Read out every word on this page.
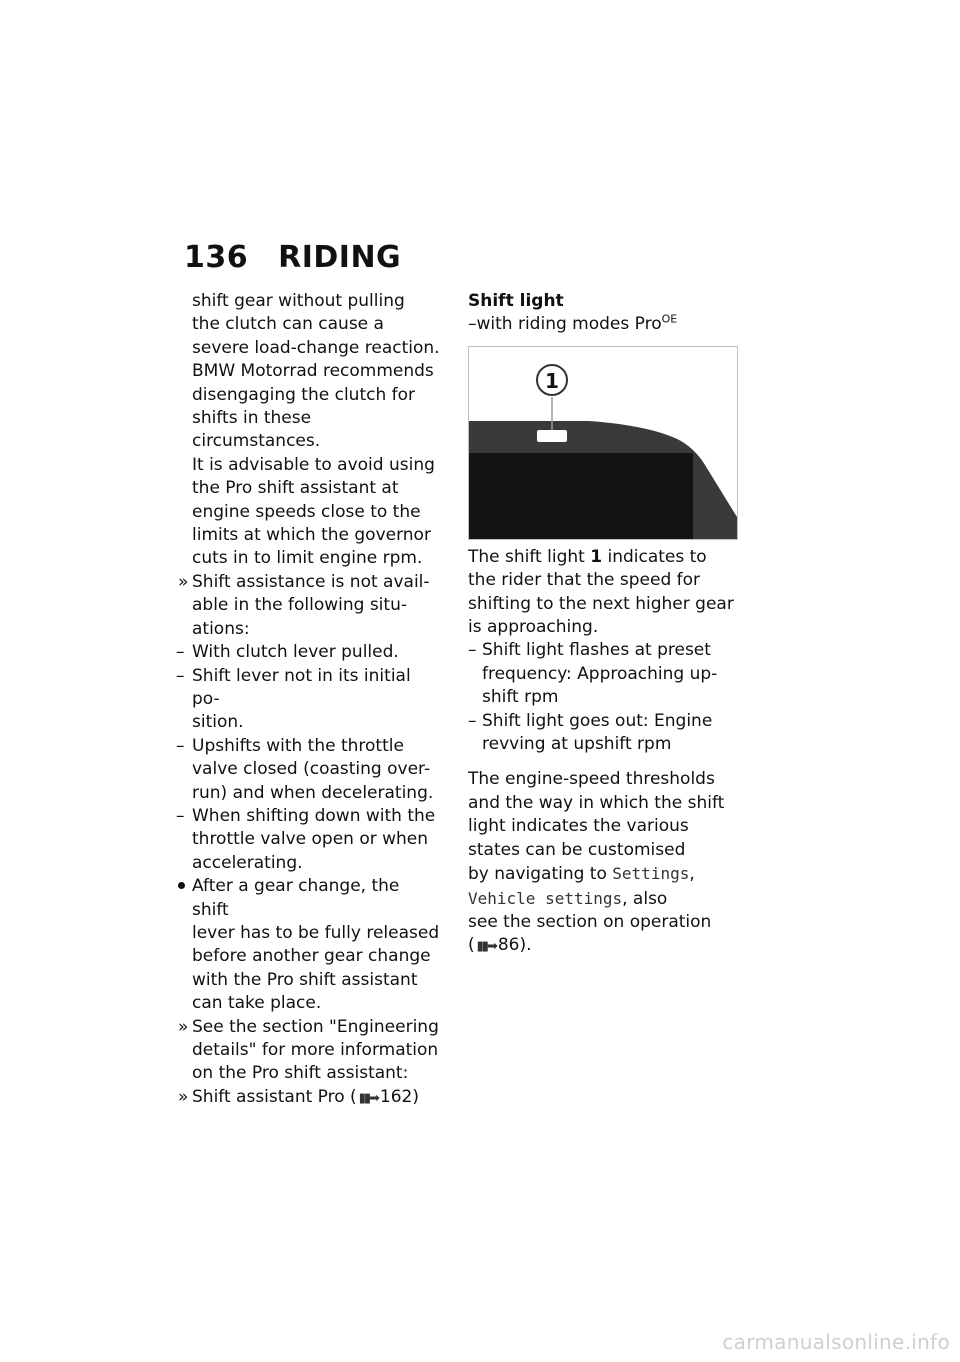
136 RIDING
shift gear without pulling
the clutch can cause a
severe load-change reaction.
BMW Motorrad recommends
disengaging the clutch for
shifts in these circumstances.
It is advisable to avoid using
the Pro shift assistant at
engine speeds close to the
limits at which the governor
cuts in to limit engine rpm.
» Shift assistance is not avail-
able in the following situ-
ations:
– With clutch lever pulled.
– Shift lever not in its initial po-
sition.
– Upshifts with the throttle
valve closed (coasting over-
run) and when decelerating.
– When shifting down with the
throttle valve open or when
accelerating.
After a gear change, the shift
lever has to be fully released
before another gear change
with the Pro shift assistant
can take place.
» See the section "Engineering
details" for more information
on the Pro shift assistant:
» Shift assistant Pro ( ▮▮➡ 162)
Shift light
–with riding modes Pro$^{OE}$
1
The shift light 1 indicates to
the rider that the speed for
shifting to the next higher gear
is approaching.
– Shift light flashes at preset
frequency: Approaching up-
shift rpm
– Shift light goes out: Engine
revving at upshift rpm
The engine-speed thresholds
and the way in which the shift
light indicates the various
states can be customised
by navigating to Settings,
Vehicle settings, also
see the section on operation
( ▮▮➡ 86).
carmanualsonline.info
